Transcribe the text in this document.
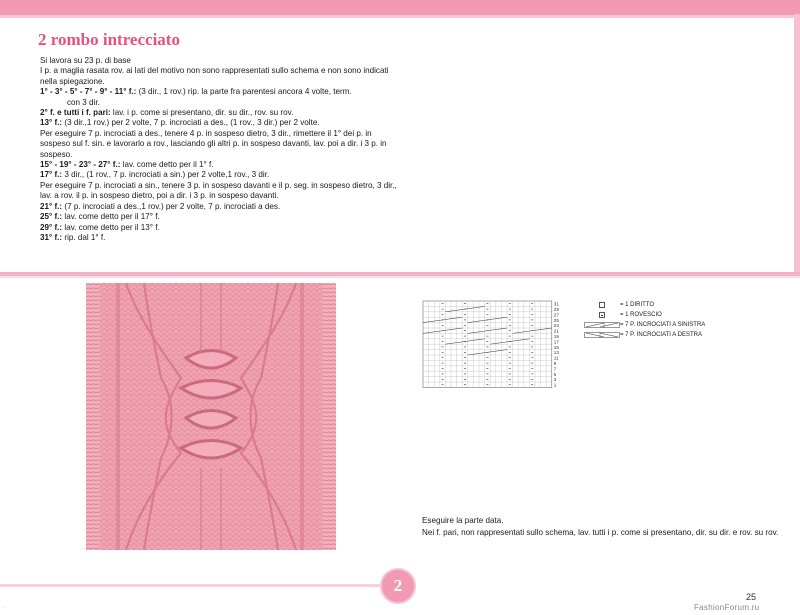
2 rombo intrecciato

Si lavora su 23 p. di base

I p. a maglia rasata rov. ai lati del motivo non sono rappresentati sullo schema e non sono indicati nella spiegazione.

1° - 3° - 5° - 7° - 9° - 11° f.: (3 dir., 1 rov.) rip. la parte fra parentesi ancora 4 volte, term.

con 3 dir.

2° f. e tutti i f. pari: lav. i p. come si presentano, dir. su dir., rov. su rov.

13° f.: (3 dir.,1 rov.) per 2 volte, 7 p. incrociati a des., (1 rov., 3 dir.) per 2 volte.

Per eseguire 7 p. incrociati a des., tenere 4 p. in sospeso dietro, 3 dir., rimettere il 1° dei p. in sospeso sul f. sin. e lavorarlo a rov., lasciando gli altri p. in sospeso davanti, lav. poi a dir. i 3 p. in sospeso.

15° - 19° - 23° - 27° f.: lav. come detto per il 1° f.

17° f.: 3 dir., (1 rov., 7 p. incrociati a sin.) per 2 volte,1 rov., 3 dir.

Per eseguire 7 p. incrociati a sin., tenere 3 p. in sospeso davanti e il p. seg. in sospeso dietro, 3 dir., lav. a rov. il p. in sospeso dietro, poi a dir. i 3 p. in sospeso davanti.

21° f.: (7 p. incrociati a des.,1 rov.) per 2 volte, 7 p. incrociati a des.

25° f.: lav. come detto per il 17° f.

29° f.: lav. come detto per il 13° f.

31° f.: rip. dal 1° f.

31
29
27
25
23
21
19
17
15
13
11
9
7
5
3
1
= 1 DIRITTO
= 1 ROVESCIO
= 7 P. INCROCIATI A SINISTRA
= 7 P. INCROCIATI A DESTRA

Eseguire la parte data.

Nei f. pari, non rappresentati sullo schema, lav. tutti i p. come si presentano, dir. su dir. e rov. su rov.

2
25
FashionForum.ru
·
